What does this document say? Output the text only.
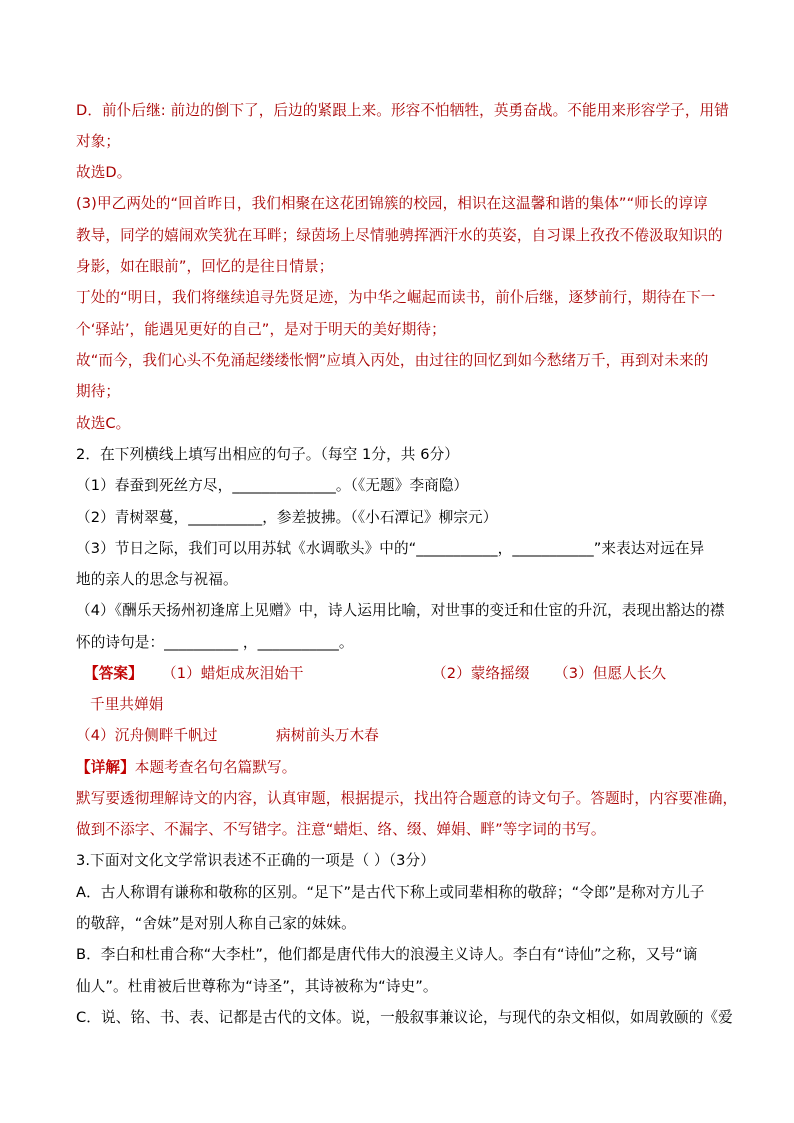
D．前仆后继: 前边的倒下了，后边的紧跟上来。形容不怕牺牲，英勇奋战。不能用来形容学子，用错
对象；
故选D。
(3)甲乙两处的“回首昨日，我们相聚在这花团锦簇的校园，相识在这温馨和谐的集体”“师长的谆谆
教导，同学的嬉闹欢笑犹在耳畔；绿茵场上尽情驰骋挥洒汗水的英姿，自习课上孜孜不倦汲取知识的
身影，如在眼前”，回忆的是往日情景；
丁处的“明日，我们将继续追寻先贤足迹，为中华之崛起而读书，前仆后继，逐梦前行，期待在下一
个‘驿站’，能遇见更好的自己”，是对于明天的美好期待；
故“而今，我们心头不免涌起缕缕怅惘”应填入丙处，由过往的回忆到如今愁绪万千，再到对未来的
期待；
故选C。
2．在下列横线上填写出相应的句子。（每空 1分，共 6分）
（1）春蚕到死丝方尽，______________。（《无题》李商隐）
（2）青树翠蔓，__________，参差披拂。（《小石潭记》柳宗元）
（3）节日之际，我们可以用苏轼《水调歌头》中的“___________，___________”来表达对远在异
地的亲人的思念与祝福。
（4）《酬乐天扬州初逢席上见赠》中，诗人运用比喻，对世事的变迁和仕宦的升沉，表现出豁达的襟
怀的诗句是：__________ ，___________。
【答案】 （1）蜡炬成灰泪始干	（2）蒙络摇缀 （3）但愿人长久
千里共婵娟
（4）沉舟侧畔千帆过	病树前头万木春
【详解】本题考查名句名篇默写。
默写要透彻理解诗文的内容，认真审题，根据提示，找出符合题意的诗文句子。答题时，内容要准确，
做到不添字、不漏字、不写错字。注意“蜡炬、络、缀、婵娟、畔”等字词的书写。
3.下面对文化文学常识表述不正确的一项是（ ）（3分）
A．古人称谓有谦称和敬称的区别。“足下”是古代下称上或同辈相称的敬辞；“令郎”是称对方儿子
的敬辞，“舍妹”是对别人称自己家的妹妹。
B．李白和杜甫合称“大李杜”，他们都是唐代伟大的浪漫主义诗人。李白有“诗仙”之称，又号“谪
仙人”。杜甫被后世尊称为“诗圣”，其诗被称为“诗史”。
C．说、铭、书、表、记都是古代的文体。说，一般叙事兼议论，与现代的杂文相似，如周敦颐的《爱
